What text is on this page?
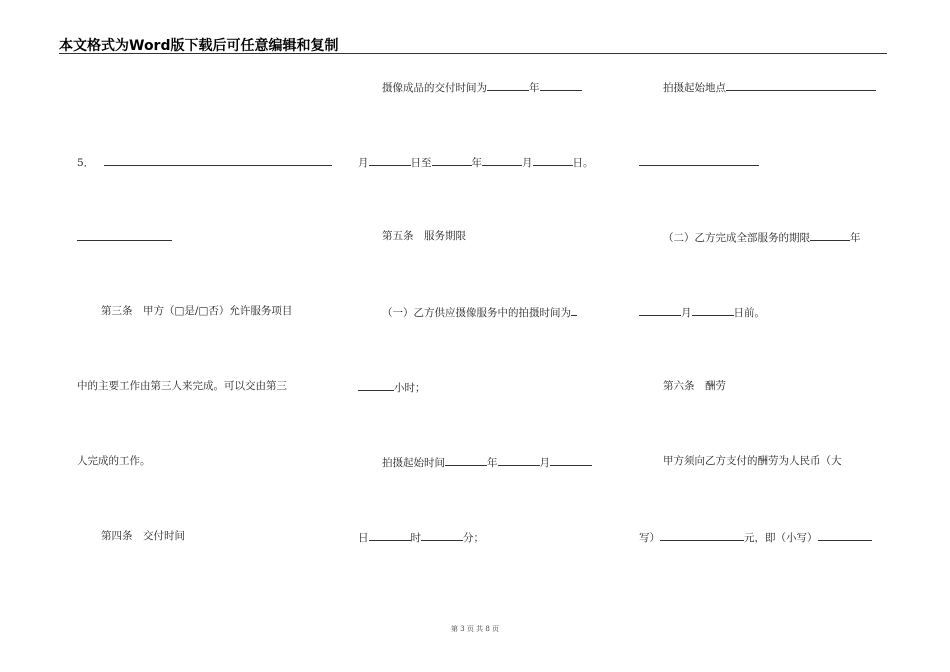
本文格式为Word版下载后可任意编辑和复制
5．
第三条　甲方（□是/□否）允许服务项目
中的主要工作由第三人来完成。可以交由第三
人完成的工作。
第四条　交付时间
摄像成品的交付时间为	年
月	日至	年	月	日。
第五条　服务期限
（一）乙方供应摄像服务中的拍摄时间为
小时；
拍摄起始时间	年	月
日	时	分；
拍摄起始地点
（二）乙方完成全部服务的期限	年
月	日前。
第六条　酬劳
甲方须向乙方支付的酬劳为人民币（大
写）	元，即（小写）
第 3 页 共 8 页
